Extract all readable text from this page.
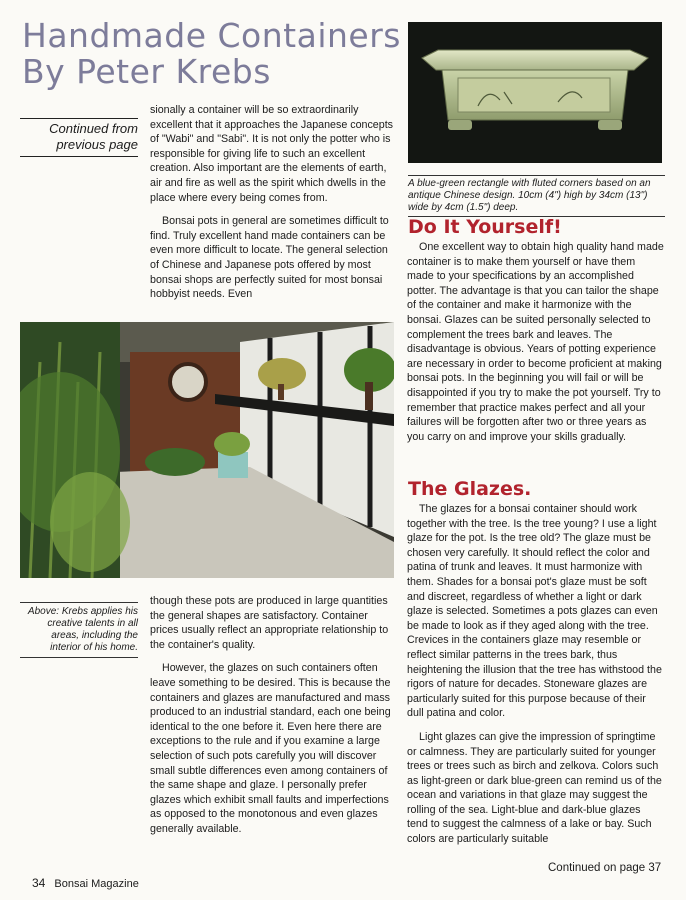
Handmade Containers
By Peter Krebs
Continued from
previous page

sionally a container will be so extraordinarily excellent that it approaches the Japanese concepts of "Wabi" and "Sabi". It is not only the potter who is responsible for giving life to such an excellent creation. Also important are the elements of earth, air and fire as well as the spirit which dwells in the place where every being comes from.

Bonsai pots in general are sometimes difficult to find. Truly excellent hand made containers can be even more difficult to locate. The general selection of Chinese and Japanese pots offered by most bonsai shops are perfectly suited for most bonsai hobbyist needs. Even

A blue-green rectangle with fluted corners based on an antique Chinese design. 10cm (4") high by 34cm (13") wide by 4cm (1.5") deep.
Do It Yourself!

One excellent way to obtain high quality hand made container is to make them yourself or have them made to your specifications by an accomplished potter. The advantage is that you can tailor the shape of the container and make it harmonize with the bonsai. Glazes can be suited personally selected to complement the trees bark and leaves. The disadvantage is obvious. Years of potting experience are necessary in order to become proficient at making bonsai pots. In the beginning you will fail or will be disappointed if you try to make the pot yourself. Try to remember that practice makes perfect and all your failures will be forgotten after two or three years as you carry on and improve your skills gradually.

Above: Krebs applies his creative talents in all areas, including the interior of his home.

though these pots are produced in large quantities the general shapes are satisfactory. Container prices usually reflect an appropriate relationship to the container's quality.

However, the glazes on such containers often leave something to be desired. This is because the containers and glazes are manufactured and mass produced to an industrial standard, each one being identical to the one before it. Even here there are exceptions to the rule and if you examine a large selection of such pots carefully you will discover small subtle differences even among containers of the same shape and glaze. I personally prefer glazes which exhibit small faults and imperfections as opposed to the monotonous and even glazes generally available.

The Glazes.

The glazes for a bonsai container should work together with the tree. Is the tree young? I use a light glaze for the pot. Is the tree old? The glaze must be chosen very carefully. It should reflect the color and patina of trunk and leaves. It must harmonize with them. Shades for a bonsai pot's glaze must be soft and discreet, regardless of whether a light or dark glaze is selected. Sometimes a pots glazes can even be made to look as if they aged along with the tree. Crevices in the containers glaze may resemble or reflect similar patterns in the trees bark, thus heightening the illusion that the tree has withstood the rigors of nature for decades. Stoneware glazes are particularly suited for this purpose because of their dull patina and color.

Light glazes can give the impression of springtime or calmness. They are particularly suited for younger trees or trees such as birch and zelkova. Colors such as light-green or dark blue-green can remind us of the ocean and variations in that glaze may suggest the rolling of the sea. Light-blue and dark-blue glazes tend to suggest the calmness of a lake or bay. Such colors are particularly suitable

34 Bonsai Magazine
Continued on page 37
